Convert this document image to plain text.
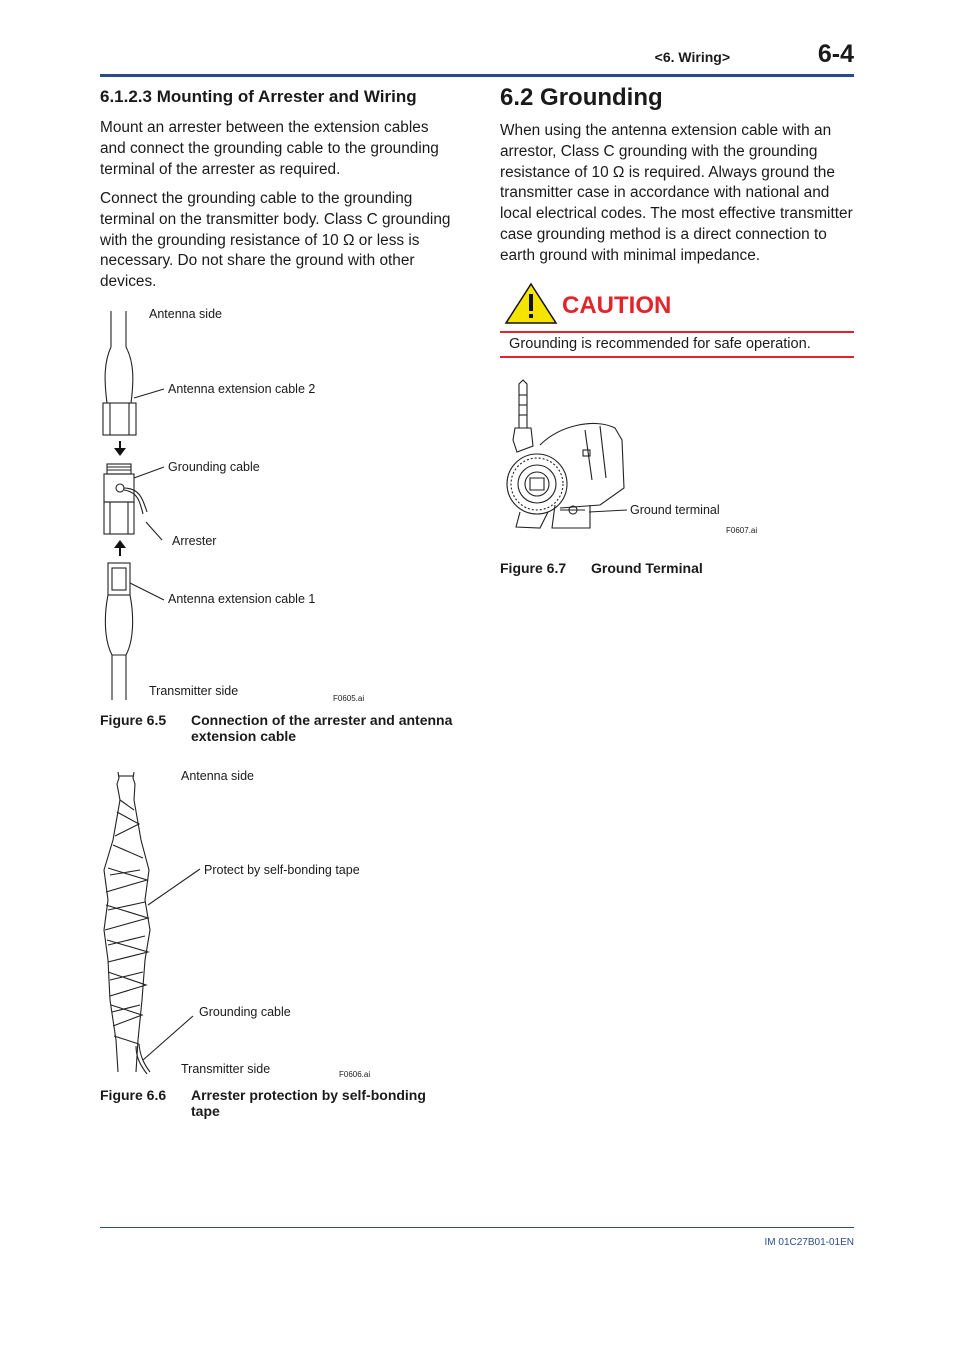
<6. Wiring>	6-4
6.1.2.3 Mounting of Arrester and Wiring

Mount an arrester between the extension cables and connect the grounding cable to the grounding terminal of the arrester as required.

Connect the grounding cable to the grounding terminal on the transmitter body. Class C grounding with the grounding resistance of 10 Ω or less is necessary. Do not share the ground with other devices.

Antenna side
Antenna extension cable 2
Grounding cable
Arrester
Antenna extension cable 1
Transmitter side
F0605.ai
Figure 6.5 Connection of the arrester and antenna extension cable
Antenna side
Protect by self-bonding tape
Grounding cable
Transmitter side	F0606.ai
Figure 6.6 Arrester protection by self-bonding tape
6.2 Grounding

When using the antenna extension cable with an arrestor, Class C grounding with the grounding resistance of 10 Ω is required. Always ground the transmitter case in accordance with national and local electrical codes. The most effective transmitter case grounding method is a direct connection to earth ground with minimal impedance.

CAUTION
Grounding is recommended for safe operation.
Ground terminal
F0607.ai
Figure 6.7 Ground Terminal
IM 01C27B01-01EN
